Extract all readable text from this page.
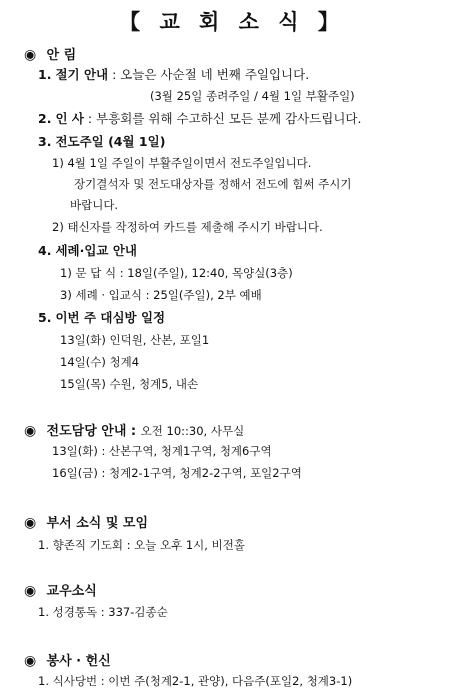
【 교 회 소 식 】
◉ 안 림
1. 절기 안내 : 오늘은 사순절 네 번째 주일입니다.
(3월 25일 종려주일 / 4월 1일 부활주일)
2. 인 사 : 부흥회를 위해 수고하신 모든 분께 감사드립니다.
3. 전도주일 (4월 1일)
1) 4월 1일 주일이 부활주일이면서 전도주일입니다.
장기결석자 및 전도대상자를 정해서 전도에 힘써 주시기
바랍니다.
2) 태신자를 작정하여 카드를 제출해 주시기 바랍니다.
4. 세례·입교 안내
1) 문 답 식 : 18일(주일), 12:40, 목양실(3층)
3) 세례 · 입교식 : 25일(주일), 2부 예배
5. 이번 주 대심방 일정
13일(화) 인덕원, 산본, 포일1
14일(수) 청계4
15일(목) 수원, 청계5, 내손
◉ 전도담당 안내 : 오전 10::30, 사무실
13일(화) : 산본구역, 청계1구역, 청계6구역
16일(금) : 청계2-1구역, 청계2-2구역, 포일2구역
◉ 부서 소식 및 모임
1. 향존직 기도회 : 오늘 오후 1시, 비전홀
◉ 교우소식
1. 성경통독 : 337-김종순
◉ 봉사 · 헌신
1. 식사당번 : 이번 주(청계2-1, 관양), 다음주(포일2, 청계3-1)
